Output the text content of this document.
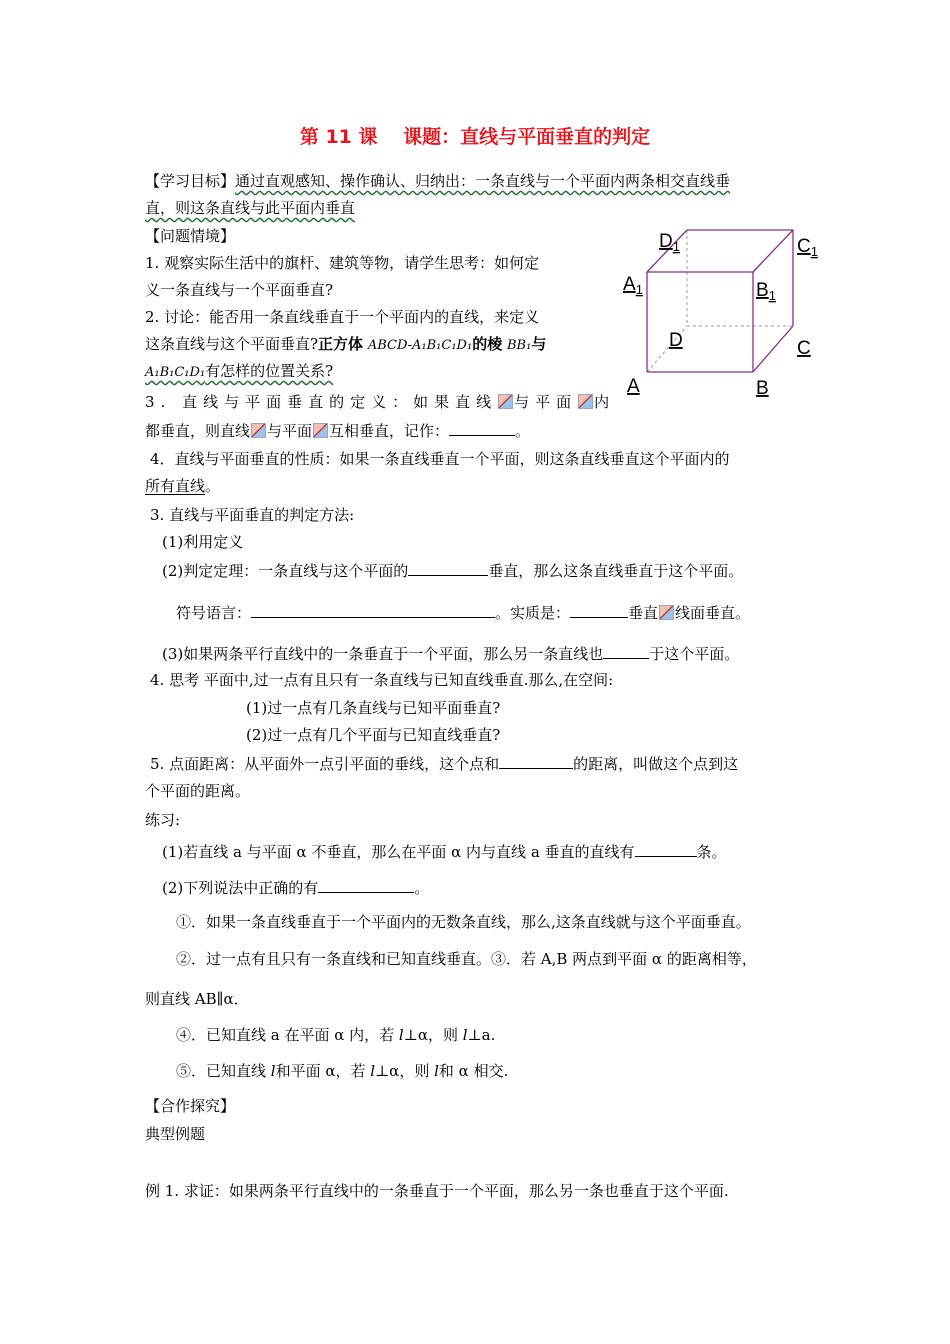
第 11 课　 课题：直线与平面垂直的判定
【学习目标】通过直观感知、操作确认、归纳出：一条直线与一个平面内两条相交直线垂
直，则这条直线与此平面内垂直
【问题情境】
1. 观察实际生活中的旗杆、建筑等物，请学生思考：如何定
义一条直线与一个平面垂直?
2. 讨论：能否用一条直线垂直于一个平面内的直线，来定义
这条直线与这个平面垂直?正方体 ABCD-A₁B₁C₁D₁的棱 BB₁与
A₁B₁C₁D₁有怎样的位置关系?
3. 直线与平面垂直的定义：如果直线 与平面 内
都垂直，则直线 与平面 互相垂直，记作：	。
$D_1$	$C_1$
$A_1$	$B_1$
D	C
A	B
4．直线与平面垂直的性质：如果一条直线垂直一个平面，则这条直线垂直这个平面内的
所有直线。
3. 直线与平面垂直的判定方法:
(1)利用定义
(2)判定定理：一条直线与这个平面的	垂直，那么这条直线垂直于这个平面。
符号语言：	。实质是：	垂直 线面垂直。
(3)如果两条平行直线中的一条垂直于一个平面，那么另一条直线也	于这个平面。
4. 思考 平面中,过一点有且只有一条直线与已知直线垂直.那么,在空间:
(1)过一点有几条直线与已知平面垂直?
(2)过一点有几个平面与已知直线垂直?
5. 点面距离：从平面外一点引平面的垂线，这个点和	的距离，叫做这个点到这
个平面的距离。
练习:
(1)若直线 a 与平面 α 不垂直，那么在平面 α 内与直线 a 垂直的直线有	条。
(2)下列说法中正确的有	。
①．如果一条直线垂直于一个平面内的无数条直线，那么,这条直线就与这个平面垂直。
②．过一点有且只有一条直线和已知直线垂直。③．若 A,B 两点到平面 α 的距离相等，
则直线 AB∥α．
④．已知直线 a 在平面 α 内，若 l⊥α，则 l⊥a.
⑤．已知直线 l和平面 α，若 l⊥α，则 l和 α 相交.
【合作探究】
典型例题
例 1. 求证：如果两条平行直线中的一条垂直于一个平面，那么另一条也垂直于这个平面.
